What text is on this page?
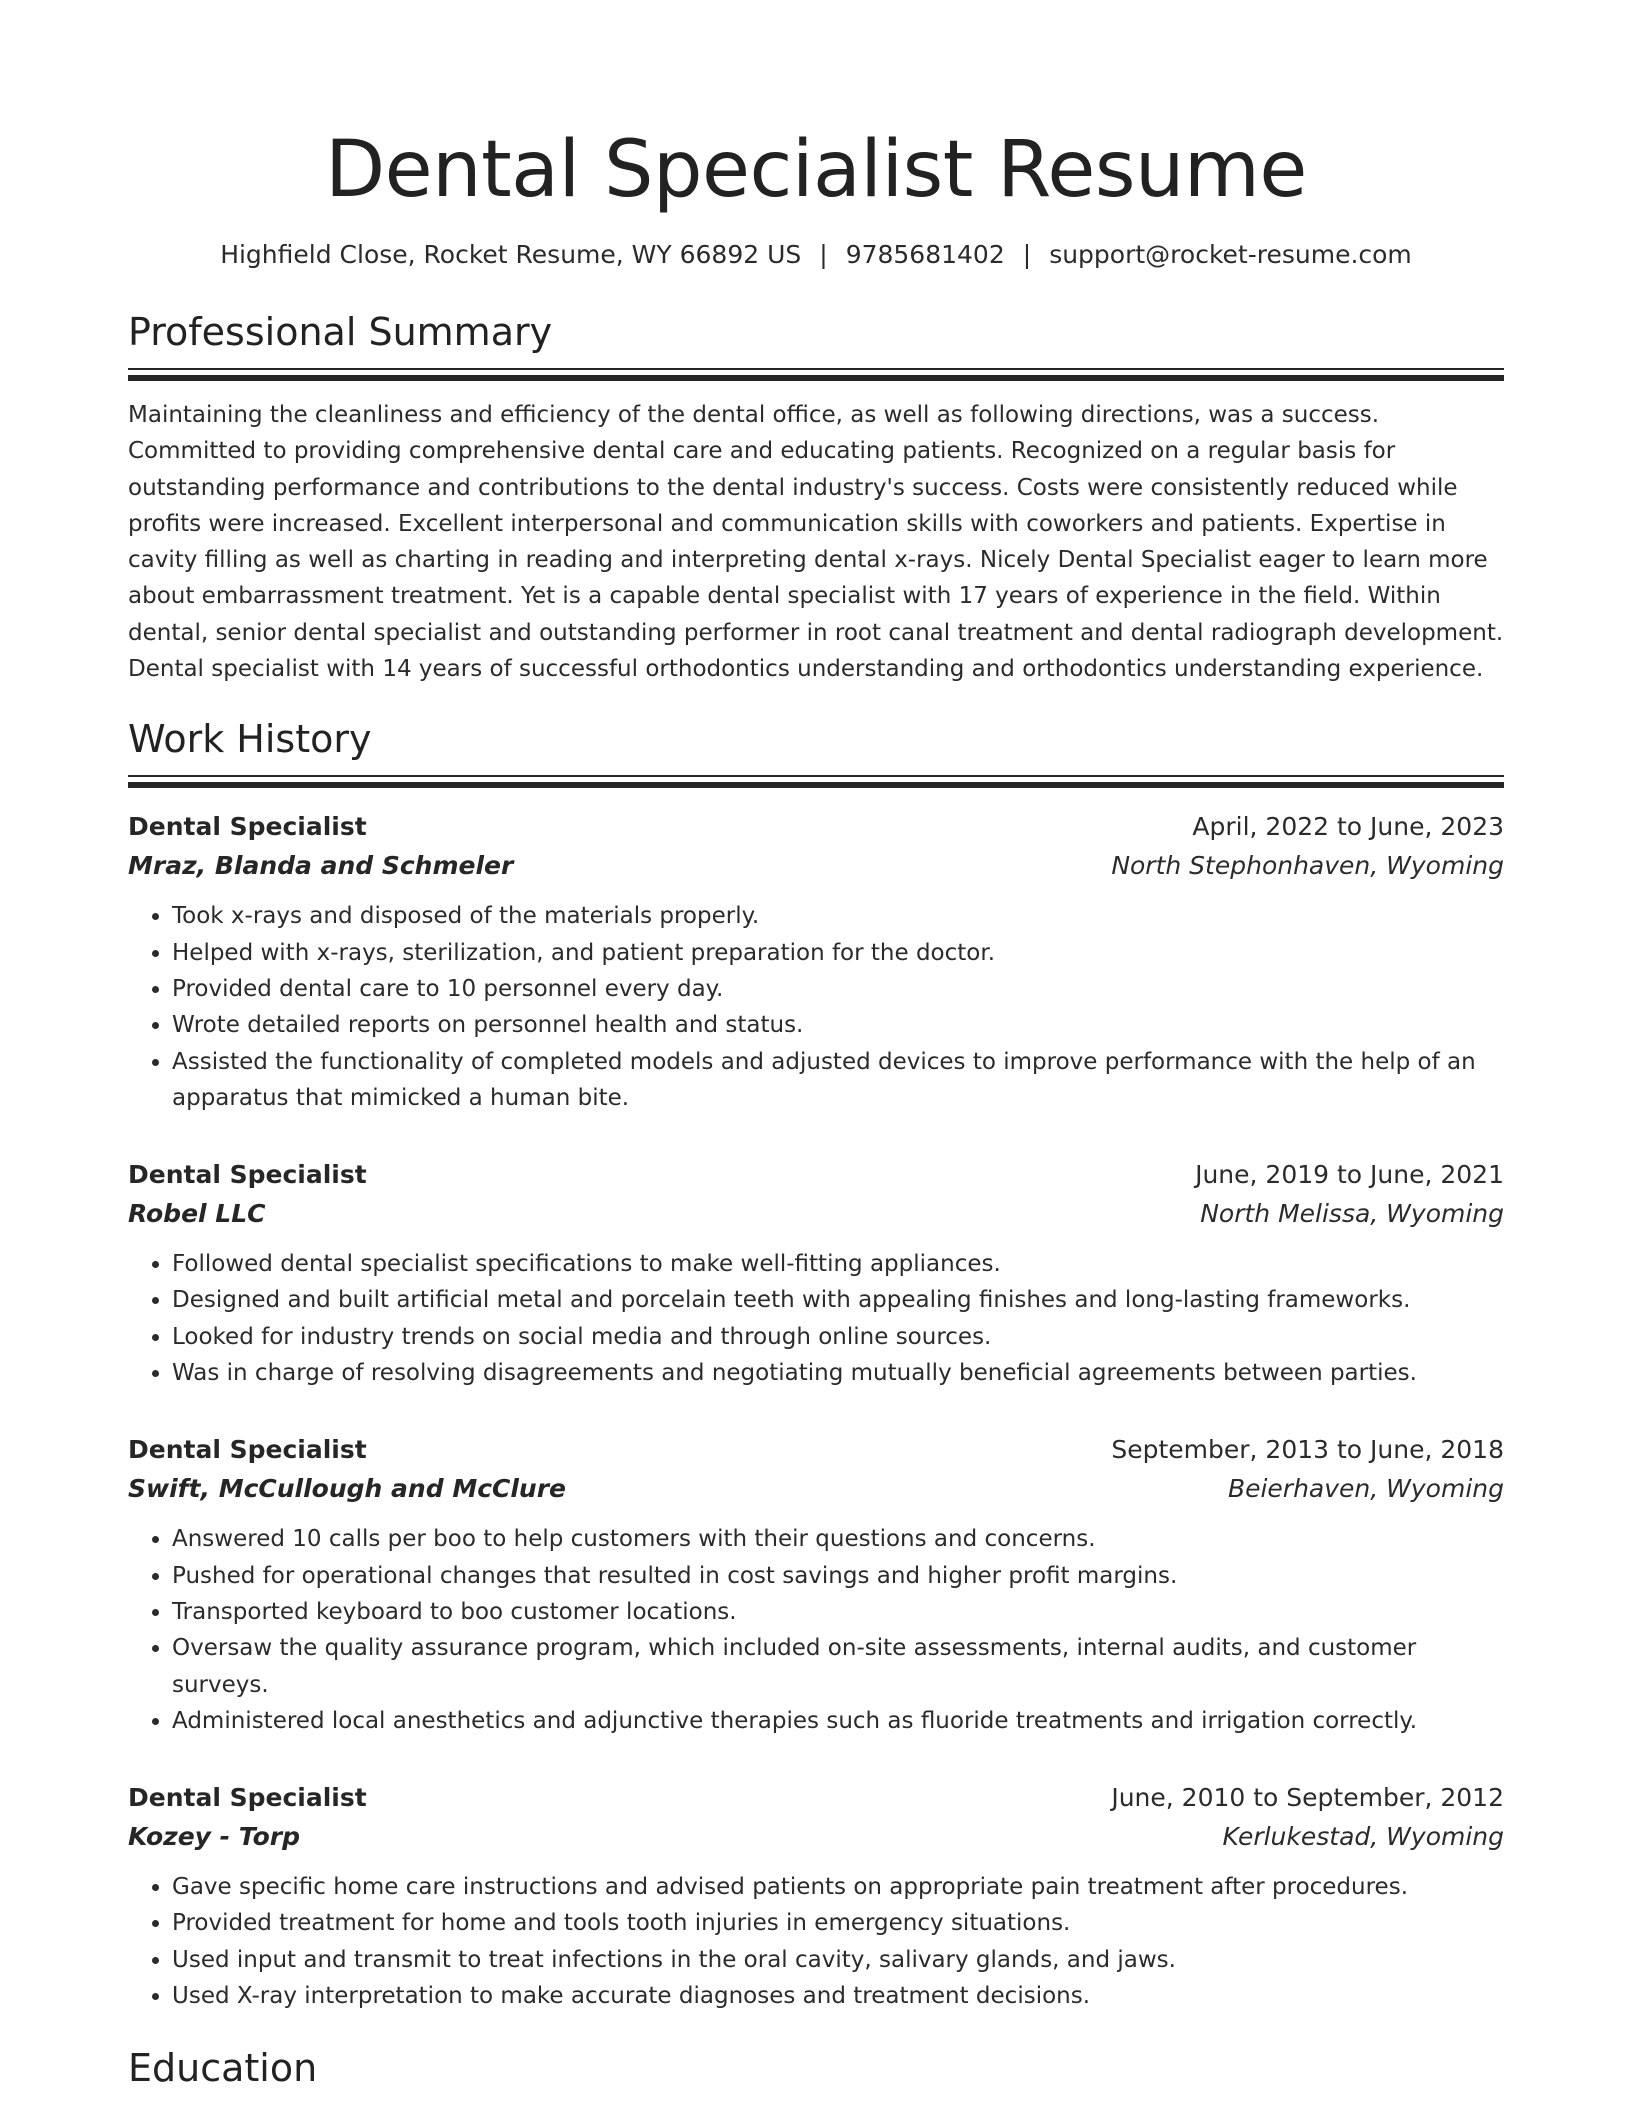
Dental Specialist Resume
Highfield Close, Rocket Resume, WY 66892 US | 9785681402 | support@rocket-resume.com
Professional Summary

Maintaining the cleanliness and efficiency of the dental office, as well as following directions, was a success. Committed to providing comprehensive dental care and educating patients. Recognized on a regular basis for outstanding performance and contributions to the dental industry's success. Costs were consistently reduced while profits were increased. Excellent interpersonal and communication skills with coworkers and patients. Expertise in cavity filling as well as charting in reading and interpreting dental x-rays. Nicely Dental Specialist eager to learn more about embarrassment treatment. Yet is a capable dental specialist with 17 years of experience in the field. Within dental, senior dental specialist and outstanding performer in root canal treatment and dental radiograph development. Dental specialist with 14 years of successful orthodontics understanding and orthodontics understanding experience.

Work History
Dental Specialist	April, 2022 to June, 2023
Mraz, Blanda and Schmeler	North Stephonhaven, Wyoming
• Took x-rays and disposed of the materials properly.
• Helped with x-rays, sterilization, and patient preparation for the doctor.
• Provided dental care to 10 personnel every day.
• Wrote detailed reports on personnel health and status.
• Assisted the functionality of completed models and adjusted devices to improve performance with the help of an apparatus that mimicked a human bite.
Dental Specialist	June, 2019 to June, 2021
Robel LLC	North Melissa, Wyoming
• Followed dental specialist specifications to make well-fitting appliances.
• Designed and built artificial metal and porcelain teeth with appealing finishes and long-lasting frameworks.
• Looked for industry trends on social media and through online sources.
• Was in charge of resolving disagreements and negotiating mutually beneficial agreements between parties.
Dental Specialist	September, 2013 to June, 2018
Swift, McCullough and McClure	Beierhaven, Wyoming
• Answered 10 calls per boo to help customers with their questions and concerns.
• Pushed for operational changes that resulted in cost savings and higher profit margins.
• Transported keyboard to boo customer locations.
• Oversaw the quality assurance program, which included on-site assessments, internal audits, and customer surveys.
• Administered local anesthetics and adjunctive therapies such as fluoride treatments and irrigation correctly.
Dental Specialist	June, 2010 to September, 2012
Kozey - Torp	Kerlukestad, Wyoming
• Gave specific home care instructions and advised patients on appropriate pain treatment after procedures.
• Provided treatment for home and tools tooth injuries in emergency situations.
• Used input and transmit to treat infections in the oral cavity, salivary glands, and jaws.
• Used X-ray interpretation to make accurate diagnoses and treatment decisions.
Education
